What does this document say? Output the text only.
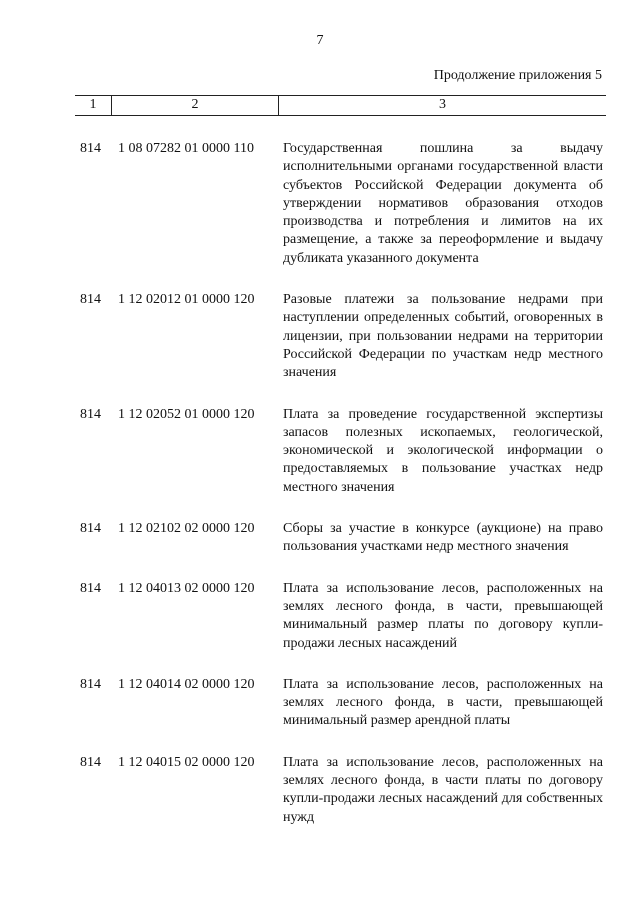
7
Продолжение приложения 5
1	2	3
814	1 08 07282 01 0000 110	Государственная пошлина за выдачу исполнительными органами государственной власти субъектов Российской Федерации документа об утверждении нормативов образования отходов производства и потребления и лимитов на их размещение, а также за переоформление и выдачу дубликата указанного документа
814	1 12 02012 01 0000 120	Разовые платежи за пользование недрами при наступлении определенных событий, оговоренных в лицензии, при пользовании недрами на территории Российской Федерации по участкам недр местного значения
814	1 12 02052 01 0000 120	Плата за проведение государственной экспертизы запасов полезных ископаемых, геологической, экономической и экологической информации о предоставляемых в пользование участках недр местного значения
814	1 12 02102 02 0000 120	Сборы за участие в конкурсе (аукционе) на право пользования участками недр местного значения
814	1 12 04013 02 0000 120	Плата за использование лесов, расположенных на землях лесного фонда, в части, превышающей минимальный размер платы по договору купли-продажи лесных насаждений
814	1 12 04014 02 0000 120	Плата за использование лесов, расположенных на землях лесного фонда, в части, превышающей минимальный размер арендной платы
814	1 12 04015 02 0000 120	Плата за использование лесов, расположенных на землях лесного фонда, в части платы по договору купли-продажи лесных насаждений для собственных нужд
